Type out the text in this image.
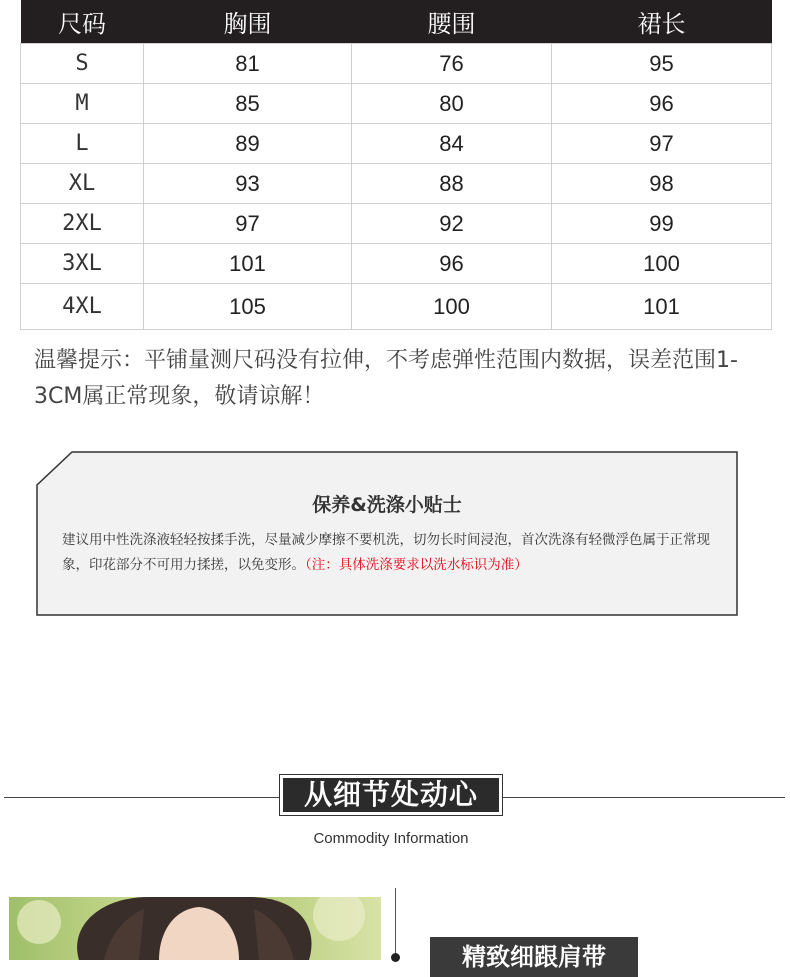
尺码	胸围	腰围	裙长
S	81	76	95
M	85	80	96
L	89	84	97
XL	93	88	98
2XL	97	92	99
3XL	101	96	100
4XL	105	100	101
温馨提示：平铺量测尺码没有拉伸，不考虑弹性范围内数据，误差范围1-3CM属正常现象，敬请谅解！
保养&洗涤小贴士
建议用中性洗涤液轻轻按揉手洗，尽量减少摩擦不要机洗，切勿长时间浸泡，首次洗涤有轻微浮色属于正常现象，印花部分不可用力揉搓，以免变形。（注：具体洗涤要求以洗水标识为准）
从细节处动心
Commodity Information
精致细跟肩带
